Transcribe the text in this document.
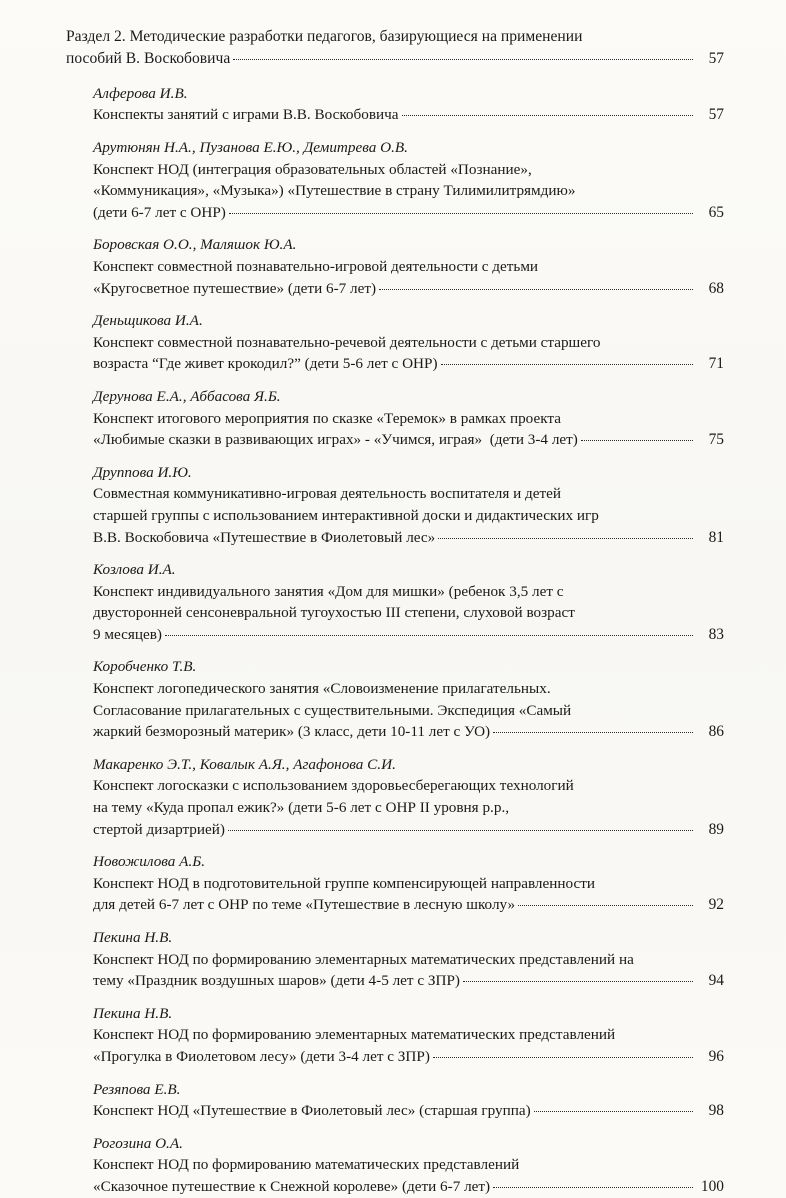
Раздел 2. Методические разработки педагогов, базирующиеся на применении
пособий В. Воскобовича	57
Алферова И.В.
Конспекты занятий с играми В.В. Воскобовича	57
Арутюнян Н.А., Пузанова Е.Ю., Демитрева О.В.
Конспект НОД (интеграция образовательных областей «Познание»,
«Коммуникация», «Музыка») «Путешествие в страну Тилимилитрямдию»
(дети 6-7 лет с ОНР)	65
Боровская О.О., Маляшок Ю.А.
Конспект совместной познавательно-игровой деятельности с детьми
«Кругосветное путешествие» (дети 6-7 лет)	68
Деньщикова И.А.
Конспект совместной познавательно-речевой деятельности с детьми старшего
возраста “Где живет крокодил?” (дети 5-6 лет с ОНР)	71
Дерунова Е.А., Аббасова Я.Б.
Конспект итогового мероприятия по сказке «Теремок» в рамках проекта
«Любимые сказки в развивающих играх» - «Учимся, играя»  (дети 3-4 лет)	75
Друппова И.Ю.
Совместная коммуникативно-игровая деятельность воспитателя и детей
старшей группы с использованием интерактивной доски и дидактических игр
В.В. Воскобовича «Путешествие в Фиолетовый лес»	81
Козлова И.А.
Конспект индивидуального занятия «Дом для мишки» (ребенок 3,5 лет с
двусторонней сенсоневральной тугоухостью III степени, слуховой возраст
9 месяцев)	83
Коробченко Т.В.
Конспект логопедического занятия «Словоизменение прилагательных.
Согласование прилагательных с существительными. Экспедиция «Самый
жаркий безморозный материк» (3 класс, дети 10-11 лет с УО)	86
Макаренко Э.Т., Ковалык А.Я., Агафонова С.И.
Конспект логосказки с использованием здоровьесберегающих технологий
на тему «Куда пропал ежик?» (дети 5-6 лет с ОНР II уровня р.р.,
стертой дизартрией)	89
Новожилова А.Б.
Конспект НОД в подготовительной группе компенсирующей направленности
для детей 6-7 лет с ОНР по теме «Путешествие в лесную школу»	92
Пекина Н.В.
Конспект НОД по формированию элементарных математических представлений на
тему «Праздник воздушных шаров» (дети 4-5 лет с ЗПР)	94
Пекина Н.В.
Конспект НОД по формированию элементарных математических представлений
«Прогулка в Фиолетовом лесу» (дети 3-4 лет с ЗПР)	96
Резяпова Е.В.
Конспект НОД «Путешествие в Фиолетовый лес» (старшая группа)	98
Рогозина О.А.
Конспект НОД по формированию математических представлений
«Сказочное путешествие к Снежной королеве» (дети 6-7 лет)	100
